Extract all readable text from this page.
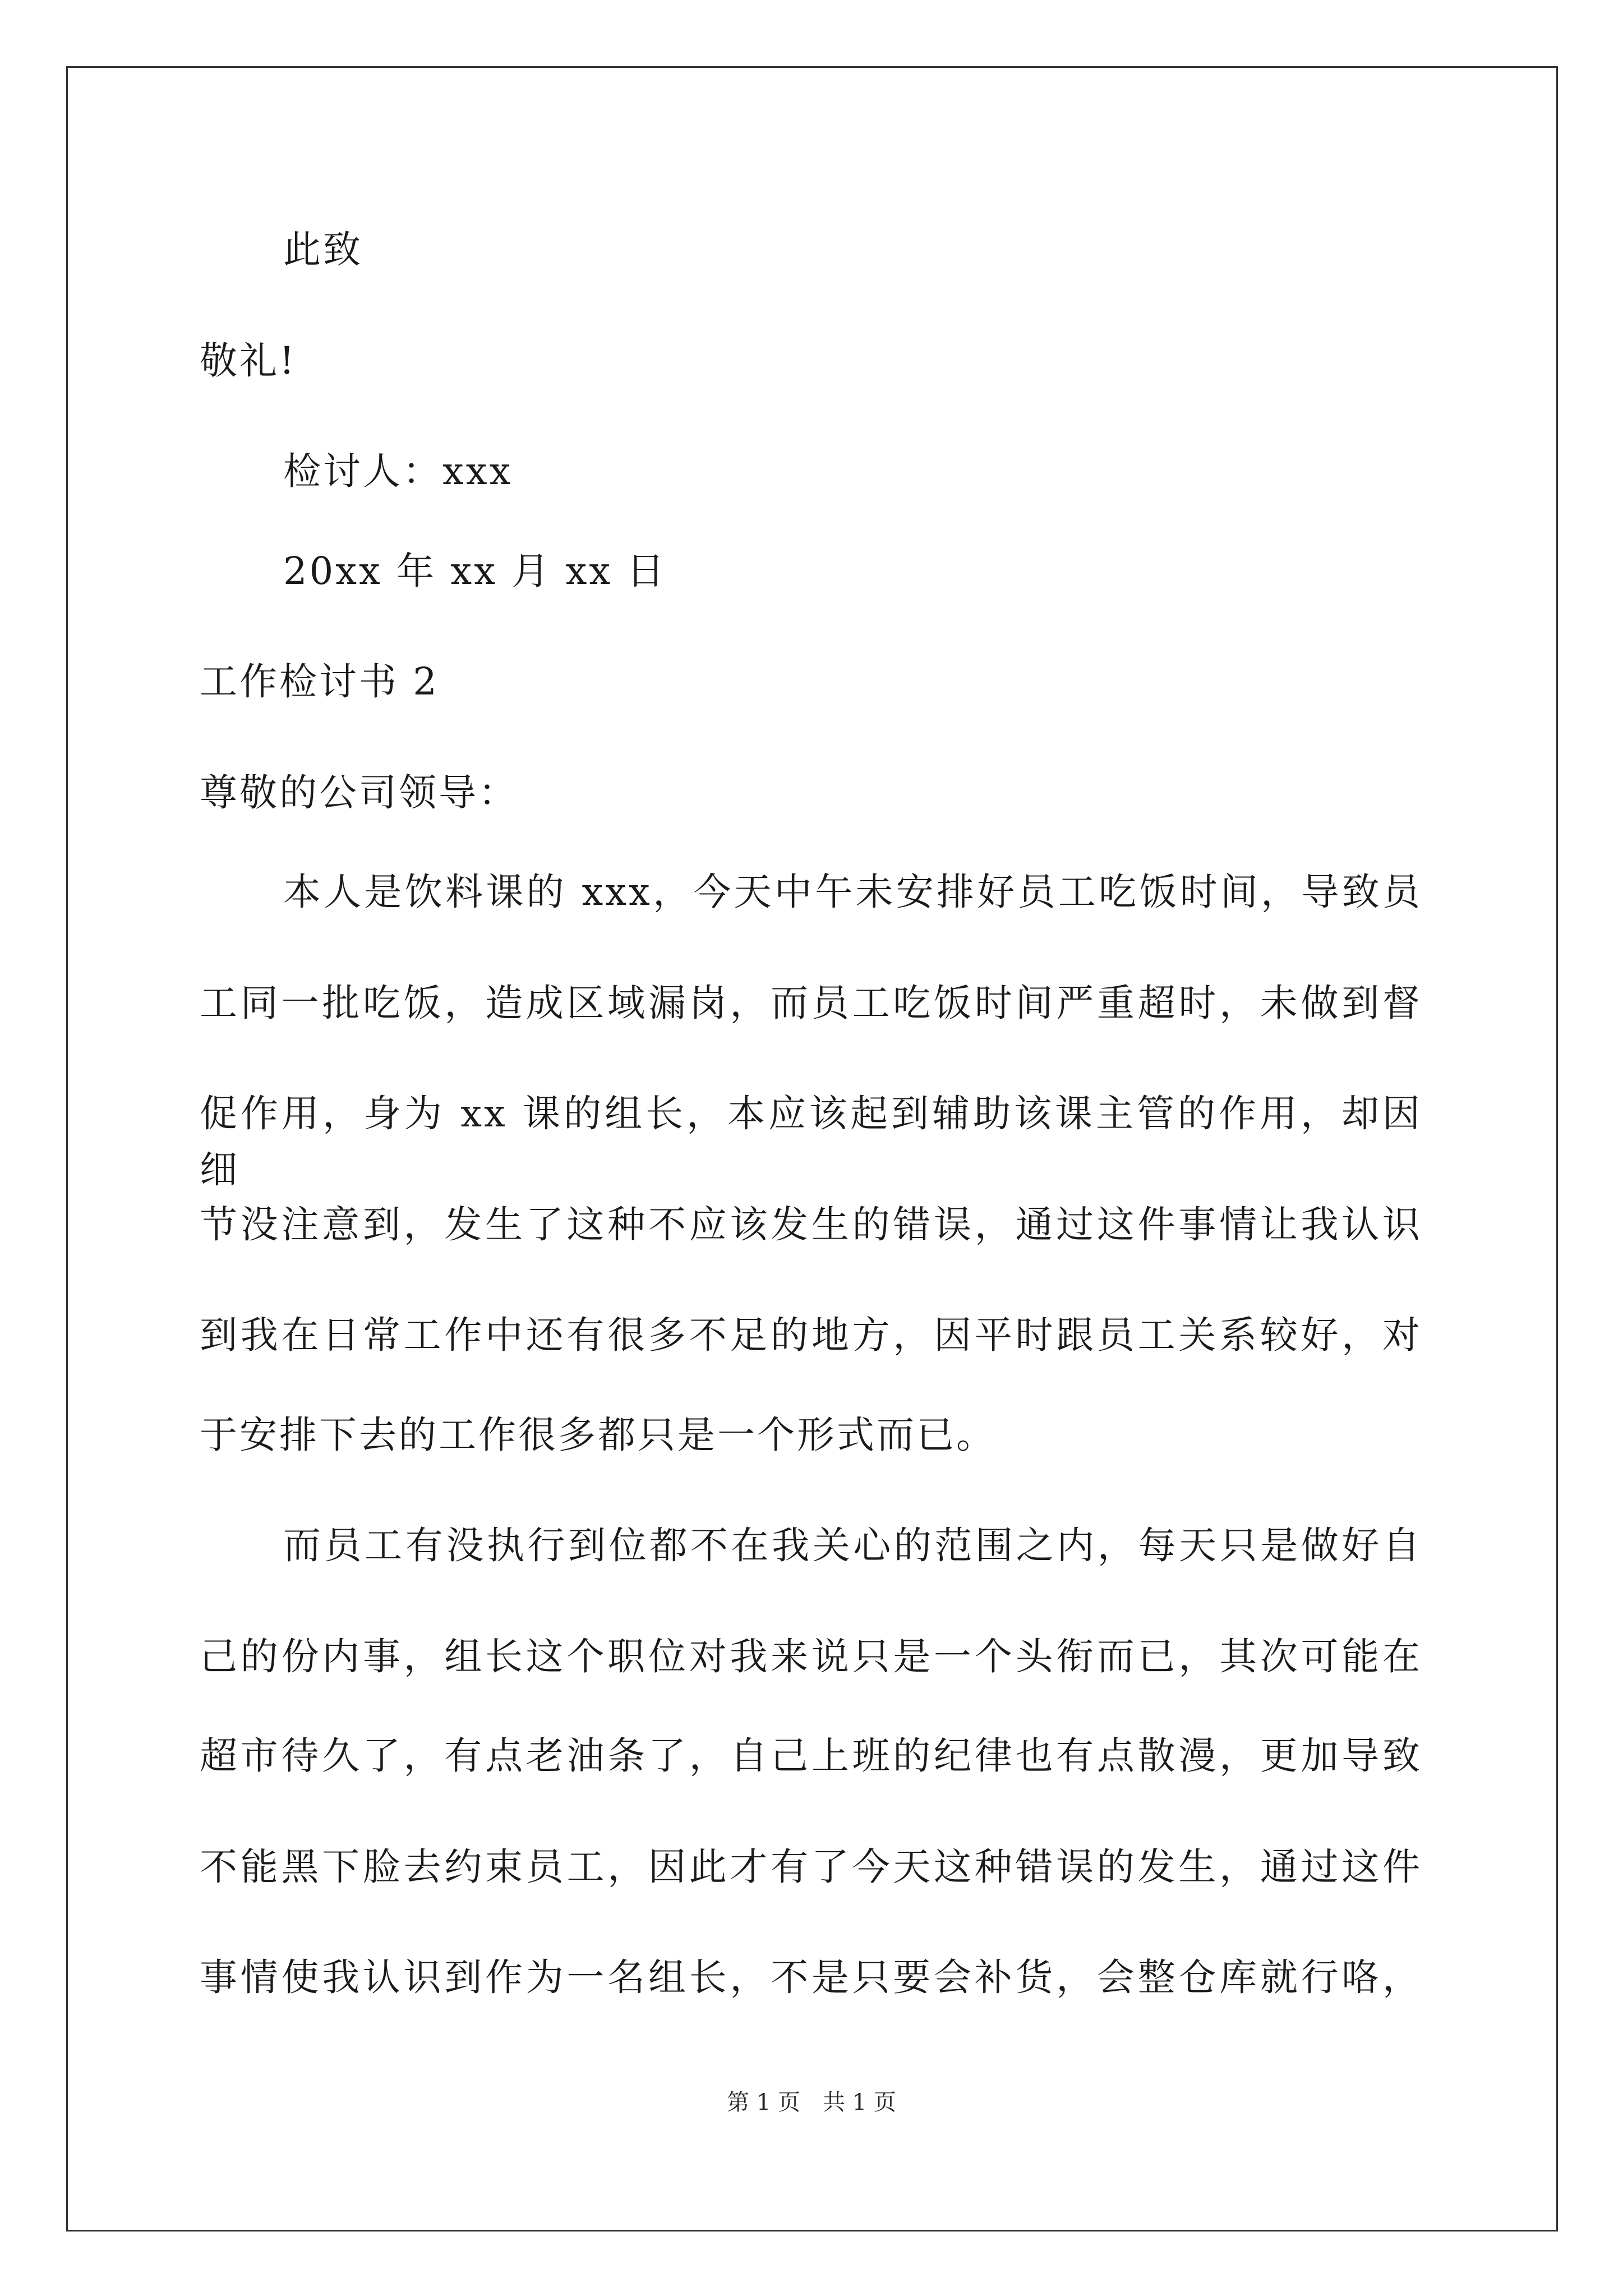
此致
敬礼!
检讨人：xxx
20xx 年 xx 月 xx 日
工作检讨书 2
尊敬的公司领导：
本人是饮料课的 xxx，今天中午未安排好员工吃饭时间，导致员
工同一批吃饭，造成区域漏岗，而员工吃饭时间严重超时，未做到督
促作用，身为 xx 课的组长，本应该起到辅助该课主管的作用，却因细
节没注意到，发生了这种不应该发生的错误，通过这件事情让我认识
到我在日常工作中还有很多不足的地方，因平时跟员工关系较好，对
于安排下去的工作很多都只是一个形式而已。
而员工有没执行到位都不在我关心的范围之内，每天只是做好自
己的份内事，组长这个职位对我来说只是一个头衔而已，其次可能在
超市待久了，有点老油条了，自己上班的纪律也有点散漫，更加导致
不能黑下脸去约束员工，因此才有了今天这种错误的发生，通过这件
事情使我认识到作为一名组长，不是只要会补货，会整仓库就行咯，
第 1 页　共 1 页
